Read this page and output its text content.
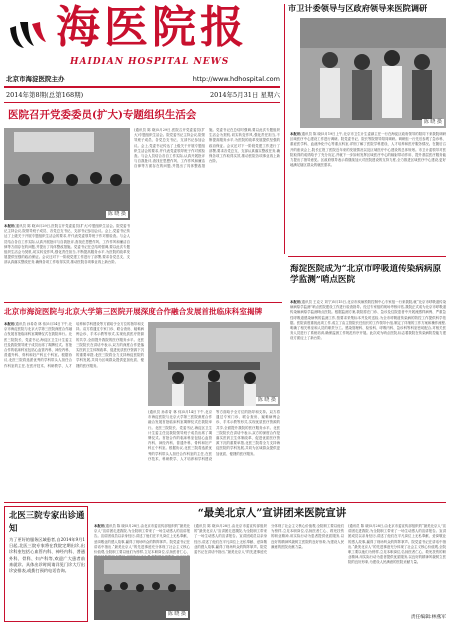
海医院报
HAIDIAN HOSPITAL NEWS
北京市海淀医院主办	http://www.hdhospital.com
2014年第8期(总第168期)	2014年5月31日 星期六
市卫计委领导与区政府领导来医院调研
陈 晓 摄
本报讯(通讯员 陈 晓)5月19日上午,北京市卫生计生委副主任一行在海淀区政府领导的陪同下来我院调研区域医疗中心建设工作进行调研。院党委书记、院长等院领导陪同调研。调研组一行先后参观了急诊科、重症医学科、血液净化中心等重点科室,详细了解了医院学科建设、人才培养和医疗服务情况。在随后召开的座谈会上,院长汇报了医院近年来的发展情况以及区域医疗中心建设的总体规划。市卫计委领导对医院取得的成绩给予了充分肯定,并就下一步如何发挥区域医疗中心的辐射带动作用、提升基层医疗服务能力提出了指导意见。区政府领导表示将继续加大对医院建设的支持力度,全力推进区域医疗中心建设,更好地满足辖区群众的就医需求。
医院召开党委委员(扩大)专题组织生活会
陈 晓 摄
(通讯员 陈 晓)5月29日,医院召开党委委员(扩大)专题组织生活会。院党委书记主持会议,院领导班子成员、各党总支书记、支部书记参加会议。会上,党委书记传达了上级关于开展专题组织生活会的要求,并代表党委领导班子作对照检查。与会人员结合各自工作实际,认真开展批评与自我批评,查找在思想作风、工作作风和廉洁自律等方面存在的问题,并提出了具体整改措施。党委书记在总结时强调,要以此次专题组织生活会为契机,切实转变作风,强化责任担当,不断提高服务水平,为医院的改革发展提供坚强的政治保证。会议还对下一阶段党建工作进行了部署,要求各党总支、支部认真落实整改任务,确保各项工作取得实效,推动医院各项事业再上新台阶。
本报讯(通讯员 陈 晓)5月29日,医院召开党委委员(扩大)专题组织生活会。院党委书记主持会议,院领导班子成员、各党总支书记、支部书记参加会议。会上,党委书记传达了上级关于开展专题组织生活会的要求,并代表党委领导班子作对照检查。与会人员结合各自工作实际,认真开展批评与自我批评,查找在思想作风、工作作风和廉洁自律等方面存在的问题,并提出了具体整改措施。党委书记在总结时强调,要以此次专题组织生活会为契机,切实转变作风,强化责任担当,不断提高服务水平,为医院的改革发展提供坚强的政治保证。会议还对下一阶段党建工作进行了部署,要求各党总支、支部认真落实整改任务,确保各项工作取得实效,推动医院各项事业再上新台阶。
北京市海淀医院与北京大学第三医院开展深度合作融合发展首批临床科室揭牌
本报讯(通讯员 孙希奇 林 伟)5月14日下午,北京市海淀医院与北京大学第三医院深度合作融合发展首批临床科室揭牌仪式在我院举行。北医三院院长、党委书记,海淀区卫生计生委主任及我院领导班子成员出席了揭牌仪式。首批合作的临床科室包括心血管内科、神经内科、普通外科、骨科和妇产科五个科室。根据协议,北医三院将选派优秀的学科带头人担任合作科室的主任,在医疗技术、科研教学、人才培养和学科建设等方面给予全方位的指导和支持。双方将通过专家门诊、联合查房、疑难病例会诊、手术示教等形式,实现优质医疗资源的共享,全面提升我院的医疗服务水平。北医三院院长在讲话中表示,双方的深度合作是落实医药卫生体制改革、促进优质医疗资源下沉的重要举措,北医三院将全力支持海淀医院的学科发展,共同为区域群众提供更加优质、便捷的医疗服务。
陈 晓 摄
(通讯员 孙希奇 林 伟)5月14日下午,北京市海淀医院与北京大学第三医院深度合作融合发展首批临床科室揭牌仪式在我院举行。北医三院院长、党委书记,海淀区卫生计生委主任及我院领导班子成员出席了揭牌仪式。首批合作的临床科室包括心血管内科、神经内科、普通外科、骨科和妇产科五个科室。根据协议,北医三院将选派优秀的学科带头人担任合作科室的主任,在医疗技术、科研教学、人才培养和学科建设等方面给予全方位的指导和支持。双方将通过专家门诊、联合查房、疑难病例会诊、手术示教等形式,实现优质医疗资源的共享,全面提升我院的医疗服务水平。北医三院院长在讲话中表示,双方的深度合作是落实医药卫生体制改革、促进优质医疗资源下沉的重要举措,北医三院将全力支持海淀医院的学科发展,共同为区域群众提供更加优质、便捷的医疗服务。
海淀医院成为“北京市呼吸道传染病病原学监测”哨点医院
本报讯(通讯员 王克义 刘宁)5月15日,北京市疾病预防控制中心专家组一行来我院,就“北京市呼吸道传染病病原学监测”哨点医院建设工作进行检查指导。经过专家组的现场考核评估,我院正式成为北京市呼吸道传染病病原学监测哨点医院。根据监测方案,我院将在门诊、急诊及住院患者中开展流感样病例、严重急性呼吸道感染病例的监测工作,按要求采集标本并及时送检,为全市呼吸道传染病的防控工作提供科学依据。医院高度重视此项工作,成立了由主管院长任组长的工作领导小组,制定了详细的工作方案和操作流程,明确了相关科室和人员的职责分工。感染管理科、检验科、呼吸内科、急诊科等科室密切配合,对相关医务人员进行了系统培训,确保监测工作规范有序开展。此次成为哨点医院,标志着我院在传染病防控能力建设方面迈上了新台阶。
北医三院专家出诊通知
为了更好的服务区域患者,自2014年9月1日起,北医三院专家将在我院定期出诊,出诊科室包括心血管内科、神经内科、普通外科、骨科、妇产科等,欢迎广大患者前来就诊。具体出诊时间请详见门诊大厅出诊安排表,或拨打预约电话咨询。
“最美北京人”宣讲团来医院宣讲
本报讯(通讯员 陈 晓)5月28日,由北京市委宣传部组织的“最美北京人”宣讲团走进我院,为全院职工带来了一场生动感人的宣讲报告。宣讲团成员以亲身经历,讲述了他们在平凡岗位上无私奉献、爱岗敬业的感人故事,赢得了现场听众的阵阵掌声。院党委书记在讲话中指出,“最美北京人”的先进事迹充分体现了社会主义核心价值观,全院职工要以他们为榜样,立足本职岗位,弘扬医者仁心、
陈 晓 摄
(通讯员 陈 晓)5月28日,由北京市委宣传部组织的“最美北京人”宣讲团走进我院,为全院职工带来了一场生动感人的宣讲报告。宣讲团成员以亲身经历,讲述了他们在平凡岗位上无私奉献、爱岗敬业的感人故事,赢得了现场听众的阵阵掌声。院党委书记在讲话中指出,“最美北京人”的先进事迹充分体现了社会主义核心价值观,全院职工要以他们为榜样,立足本职岗位,弘扬医者仁心、救死扶伤的职业精神,用实际行动为患者提供优质服务,以良好的精神风貌树立医院的良好形象,为建设人民满意的医院贡献力量。
(通讯员 陈 晓)5月28日,由北京市委宣传部组织的“最美北京人”宣讲团走进我院,为全院职工带来了一场生动感人的宣讲报告。宣讲团成员以亲身经历,讲述了他们在平凡岗位上无私奉献、爱岗敬业的感人故事,赢得了现场听众的阵阵掌声。院党委书记在讲话中指出,“最美北京人”的先进事迹充分体现了社会主义核心价值观,全院职工要以他们为榜样,立足本职岗位,弘扬医者仁心、救死扶伤的职业精神,用实际行动为患者提供优质服务,以良好的精神风貌树立医院的良好形象,为建设人民满意的医院贡献力量。
责任编辑:林燕军
